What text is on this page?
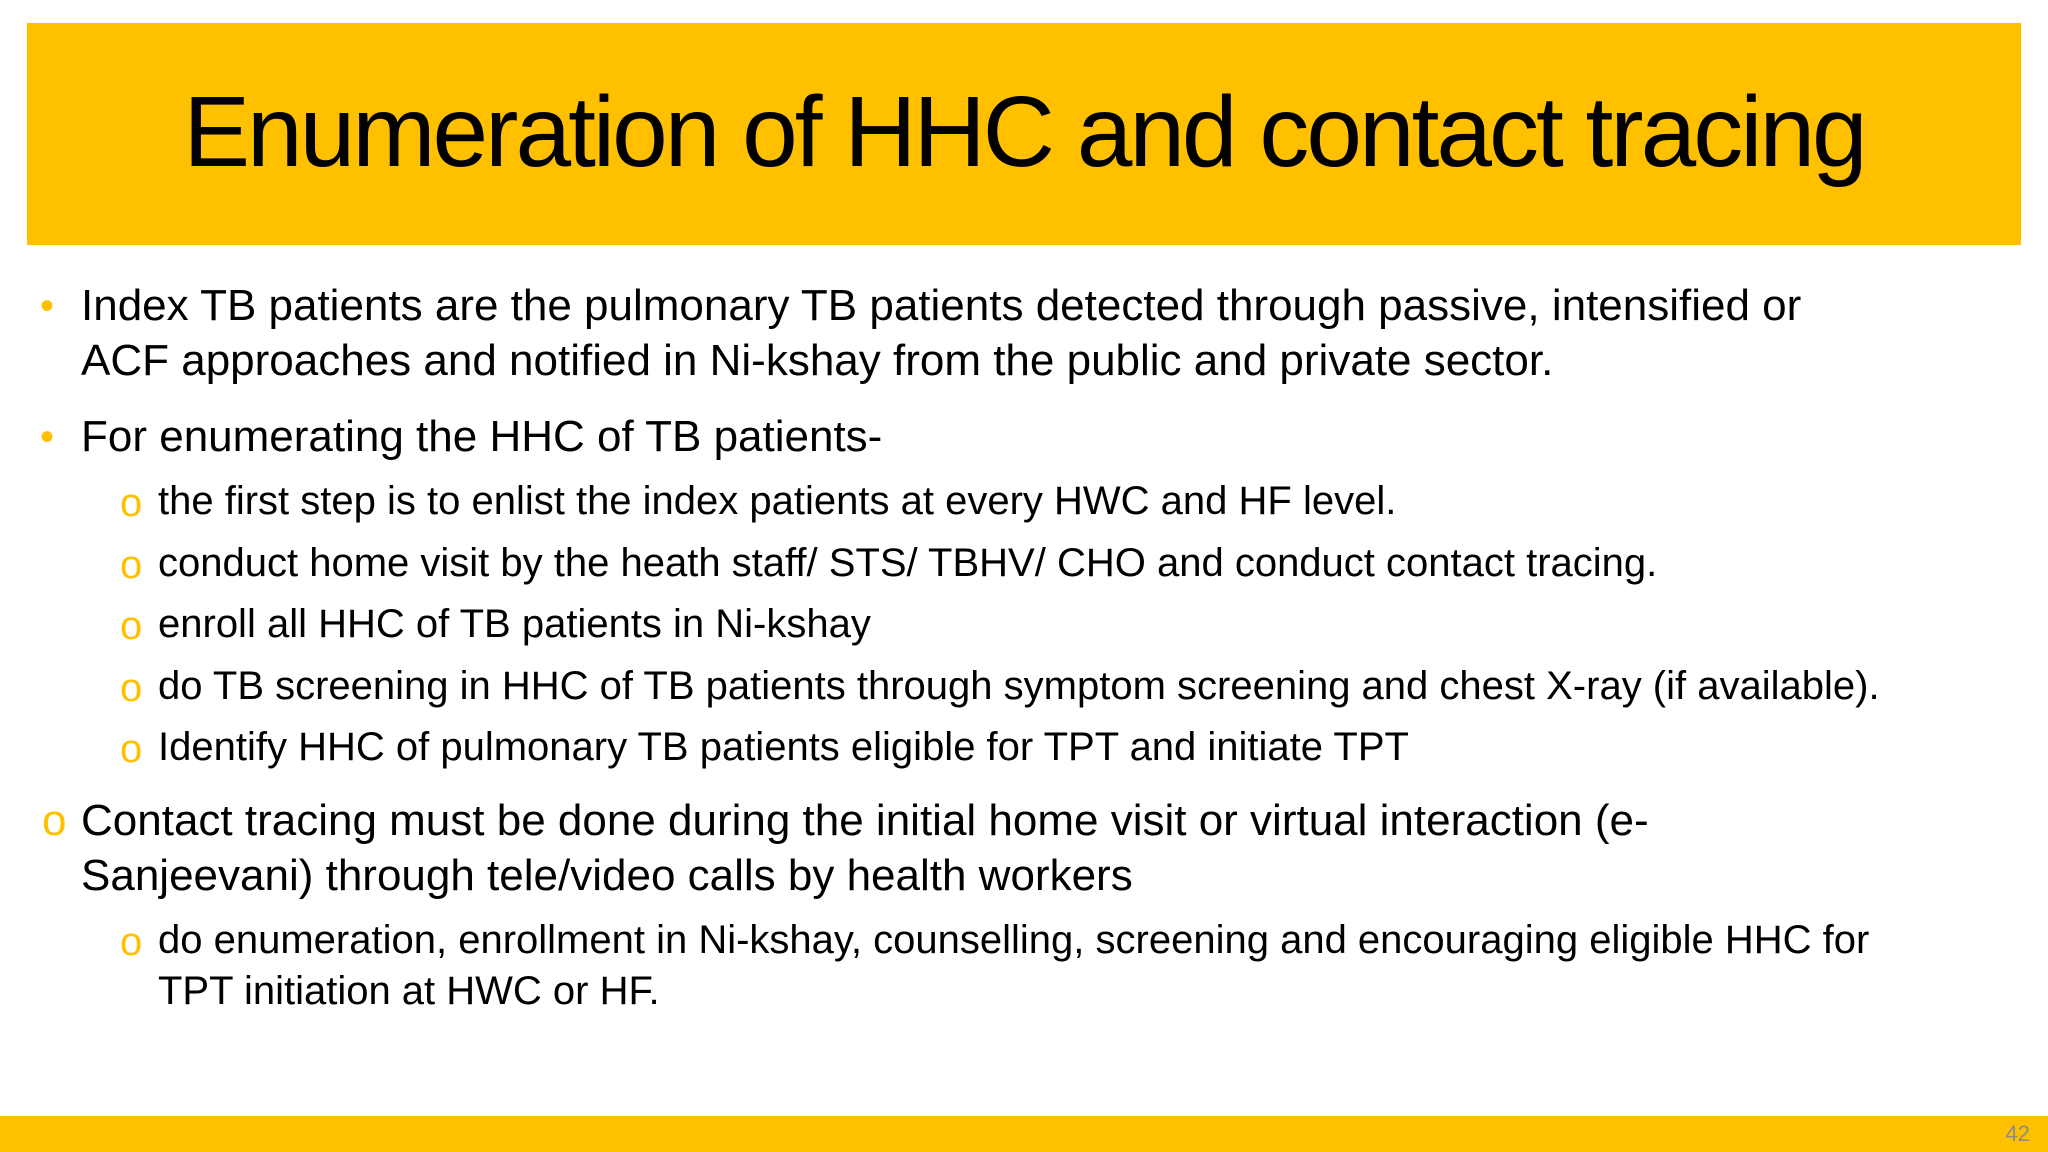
Enumeration of HHC and contact tracing
• Index TB patients are the pulmonary TB patients detected through passive, intensified or
ACF approaches and notified in Ni-kshay from the public and private sector.
• For enumerating the HHC of TB patients-
o the first step is to enlist the index patients at every HWC and HF level.
o conduct home visit by the heath staff/ STS/ TBHV/ CHO and conduct contact tracing.
o enroll all HHC of TB patients in Ni-kshay
o do TB screening in HHC of TB patients through symptom screening and chest X-ray (if available).
o Identify HHC of pulmonary TB patients eligible for TPT and initiate TPT
o Contact tracing must be done during the initial home visit or virtual interaction (e-
Sanjeevani) through tele/video calls by health workers
o do enumeration, enrollment in Ni-kshay, counselling, screening and encouraging eligible HHC for
TPT initiation at HWC or HF.
42
